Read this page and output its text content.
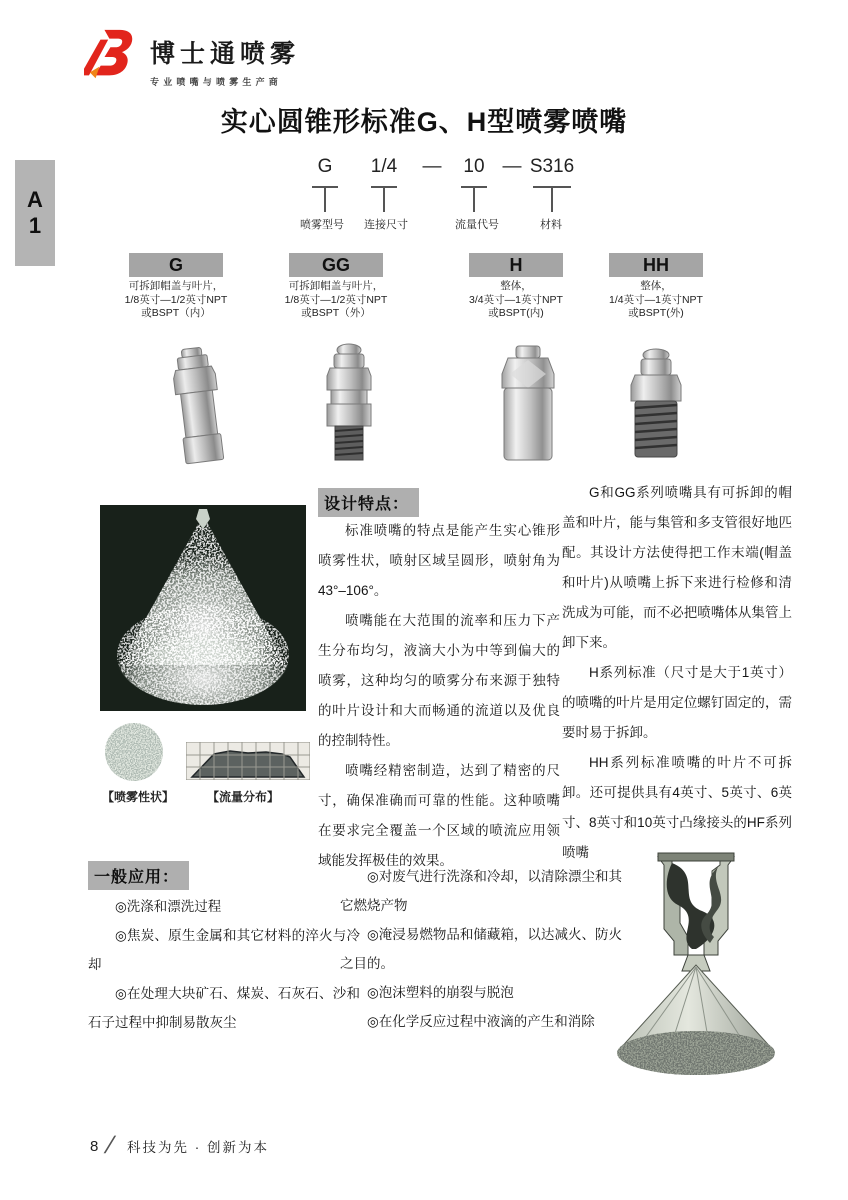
博士通喷雾
专业喷嘴与喷雾生产商
实心圆锥形标准G、H型喷雾喷嘴
A
1
G 1/4 — 10 — S316
喷雾型号 连接尺寸	流量代号	材料
G
可拆卸帽盖与叶片，
1/8英寸—1/2英寸NPT
或BSPT（内）
GG
可拆卸帽盖与叶片，
1/8英寸—1/2英寸NPT
或BSPT（外）
H
整体，
3/4英寸—1英寸NPT
或BSPT(内)
HH
整体，
1/4英寸—1英寸NPT
或BSPT(外)
【喷雾性状】	【流量分布】
设计特点：

标准喷嘴的特点是能产生实心锥形喷雾性状，喷射区域呈圆形，喷射角为43°–106°。

喷嘴能在大范围的流率和压力下产生分布均匀，液滴大小为中等到偏大的喷雾，这种均匀的喷雾分布来源于独特的叶片设计和大而畅通的流道以及优良的控制特性。

喷嘴经精密制造，达到了精密的尺寸，确保准确而可靠的性能。这种喷嘴在要求完全覆盖一个区域的喷流应用领域能发挥极佳的效果。

G和GG系列喷嘴具有可拆卸的帽盖和叶片，能与集管和多支管很好地匹配。其设计方法使得把工作末端(帽盖和叶片)从喷嘴上拆下来进行检修和清洗成为可能，而不必把喷嘴体从集管上卸下来。

H系列标准（尺寸是大于1英寸）的喷嘴的叶片是用定位螺钉固定的，需要时易于拆卸。

HH系列标准喷嘴的叶片不可拆卸。还可提供具有4英寸、5英寸、6英寸、8英寸和10英寸凸缘接头的HF系列喷嘴

一般应用：

◎洗涤和漂洗过程

◎焦炭、原生金属和其它材料的淬火与冷却

◎在处理大块矿石、煤炭、石灰石、沙和石子过程中抑制易散灰尘

◎对废气进行洗涤和冷却，以清除漂尘和其它燃烧产物

◎淹浸易燃物品和储藏箱，以达减火、防火之目的。

◎泡沫塑料的崩裂与脱泡

◎在化学反应过程中液滴的产生和消除

8 / 科技为先 · 创新为本
